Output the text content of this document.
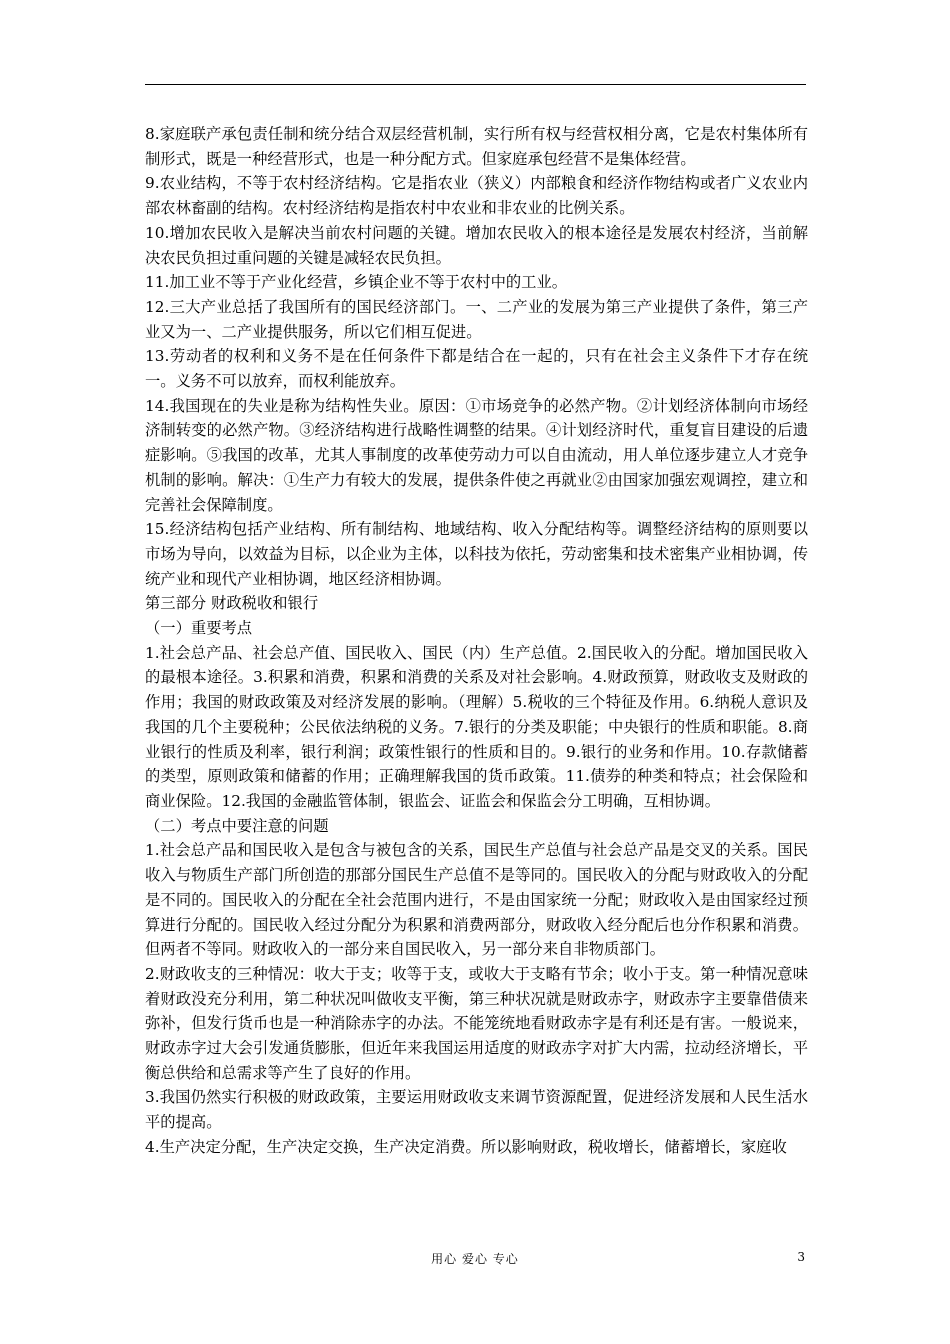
8.家庭联产承包责任制和统分结合双层经营机制，实行所有权与经营权相分离，它是农村集体所有制形式，既是一种经营形式，也是一种分配方式。但家庭承包经营不是集体经营。

9.农业结构，不等于农村经济结构。它是指农业（狭义）内部粮食和经济作物结构或者广义农业内部农林畜副的结构。农村经济结构是指农村中农业和非农业的比例关系。

10.增加农民收入是解决当前农村问题的关键。增加农民收入的根本途径是发展农村经济，当前解决农民负担过重问题的关键是减轻农民负担。

11.加工业不等于产业化经营，乡镇企业不等于农村中的工业。

12.三大产业总括了我国所有的国民经济部门。一、二产业的发展为第三产业提供了条件，第三产业又为一、二产业提供服务，所以它们相互促进。

13.劳动者的权利和义务不是在任何条件下都是结合在一起的，只有在社会主义条件下才存在统一。义务不可以放弃，而权利能放弃。

14.我国现在的失业是称为结构性失业。原因：①市场竞争的必然产物。②计划经济体制向市场经济制转变的必然产物。③经济结构进行战略性调整的结果。④计划经济时代，重复盲目建设的后遗症影响。⑤我国的改革，尤其人事制度的改革使劳动力可以自由流动，用人单位逐步建立人才竞争机制的影响。解决：①生产力有较大的发展，提供条件使之再就业②由国家加强宏观调控，建立和完善社会保障制度。

15.经济结构包括产业结构、所有制结构、地域结构、收入分配结构等。调整经济结构的原则要以市场为导向，以效益为目标，以企业为主体，以科技为依托，劳动密集和技术密集产业相协调，传统产业和现代产业相协调，地区经济相协调。

第三部分 财政税收和银行

（一）重要考点

1.社会总产品、社会总产值、国民收入、国民（内）生产总值。2.国民收入的分配。增加国民收入的最根本途径。3.积累和消费，积累和消费的关系及对社会影响。4.财政预算，财政收支及财政的作用；我国的财政政策及对经济发展的影响。（理解）5.税收的三个特征及作用。6.纳税人意识及我国的几个主要税种；公民依法纳税的义务。7.银行的分类及职能；中央银行的性质和职能。8.商业银行的性质及利率，银行利润；政策性银行的性质和目的。9.银行的业务和作用。10.存款储蓄的类型，原则政策和储蓄的作用；正确理解我国的货币政策。11.债券的种类和特点；社会保险和商业保险。12.我国的金融监管体制，银监会、证监会和保监会分工明确，互相协调。

（二）考点中要注意的问题

1.社会总产品和国民收入是包含与被包含的关系，国民生产总值与社会总产品是交叉的关系。国民收入与物质生产部门所创造的那部分国民生产总值不是等同的。国民收入的分配与财政收入的分配是不同的。国民收入的分配在全社会范围内进行，不是由国家统一分配；财政收入是由国家经过预算进行分配的。国民收入经过分配分为积累和消费两部分，财政收入经分配后也分作积累和消费。但两者不等同。财政收入的一部分来自国民收入，另一部分来自非物质部门。

2.财政收支的三种情况：收大于支；收等于支，或收大于支略有节余；收小于支。第一种情况意味着财政没充分利用，第二种状况叫做收支平衡，第三种状况就是财政赤字，财政赤字主要靠借债来弥补，但发行货币也是一种消除赤字的办法。不能笼统地看财政赤字是有利还是有害。一般说来，财政赤字过大会引发通货膨胀，但近年来我国运用适度的财政赤字对扩大内需，拉动经济增长，平衡总供给和总需求等产生了良好的作用。

3.我国仍然实行积极的财政政策，主要运用财政收支来调节资源配置，促进经济发展和人民生活水平的提高。

4.生产决定分配，生产决定交换，生产决定消费。所以影响财政，税收增长，储蓄增长，家庭收

用心 爱心 专心	3
